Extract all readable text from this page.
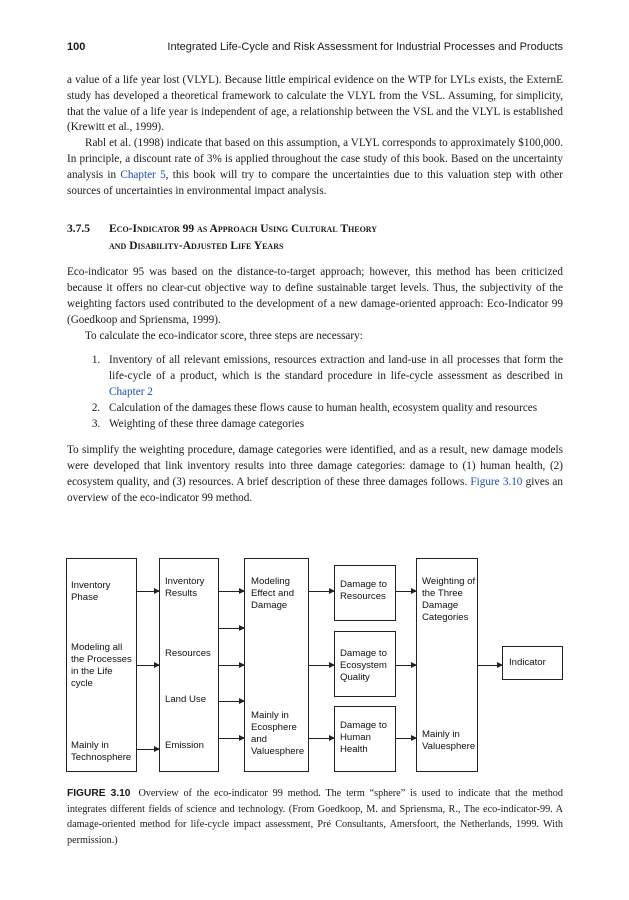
100	Integrated Life-Cycle and Risk Assessment for Industrial Processes and Products

a value of a life year lost (VLYL). Because little empirical evidence on the WTP for LYLs exists, the ExternE study has developed a theoretical framework to calculate the VLYL from the VSL. Assuming, for simplicity, that the value of a life year is independent of age, a relationship between the VSL and the VLYL is established (Krewitt et al., 1999).

Rabl et al. (1998) indicate that based on this assumption, a VLYL corresponds to approximately $100,000. In principle, a discount rate of 3% is applied throughout the case study of this book. Based on the uncertainty analysis in Chapter 5, this book will try to compare the uncertainties due to this valuation step with other sources of uncertainties in environmental impact analysis.

3.7.5 Eco-Indicator 99 as Approach Using Cultural Theory
and Disability-Adjusted Life Years

Eco-indicator 95 was based on the distance-to-target approach; however, this method has been criticized because it offers no clear-cut objective way to define sustainable target levels. Thus, the subjectivity of the weighting factors used contributed to the development of a new damage-oriented approach: Eco-Indicator 99 (Goedkoop and Spriensma, 1999).

To calculate the eco-indicator score, three steps are necessary:

1. Inventory of all relevant emissions, resources extraction and land-use in all processes that form the life-cycle of a product, which is the standard procedure in life-cycle assessment as described in Chapter 2
2. Calculation of the damages these flows cause to human health, ecosystem quality and resources
3. Weighting of these three damage categories

To simplify the weighting procedure, damage categories were identified, and as a result, new damage models were developed that link inventory results into three damage categories: damage to (1) human health, (2) ecosystem quality, and (3) resources. A brief description of these three damages follows. Figure 3.10 gives an overview of the eco-indicator 99 method.

Inventory Phase
Modeling all the Processes in the Life cycle
Mainly in Technosphere
Inventory Results
Resources
Land Use
Emission
Modeling Effect and Damage
Mainly in Ecosphere and Valuesphere
Damage to Resources
Damage to Ecosystem Quality
Damage to Human Health
Weighting of the Three Damage Categories
Mainly in Valuesphere
Indicator
FIGURE 3.10 Overview of the eco-indicator 99 method. The term “sphere” is used to indicate that the method integrates different fields of science and technology. (From Goedkoop, M. and Spriensma, R., The eco-indicator-99. A damage-oriented method for life-cycle impact assessment, Pré Consultants, Amersfoort, the Netherlands, 1999. With permission.)
